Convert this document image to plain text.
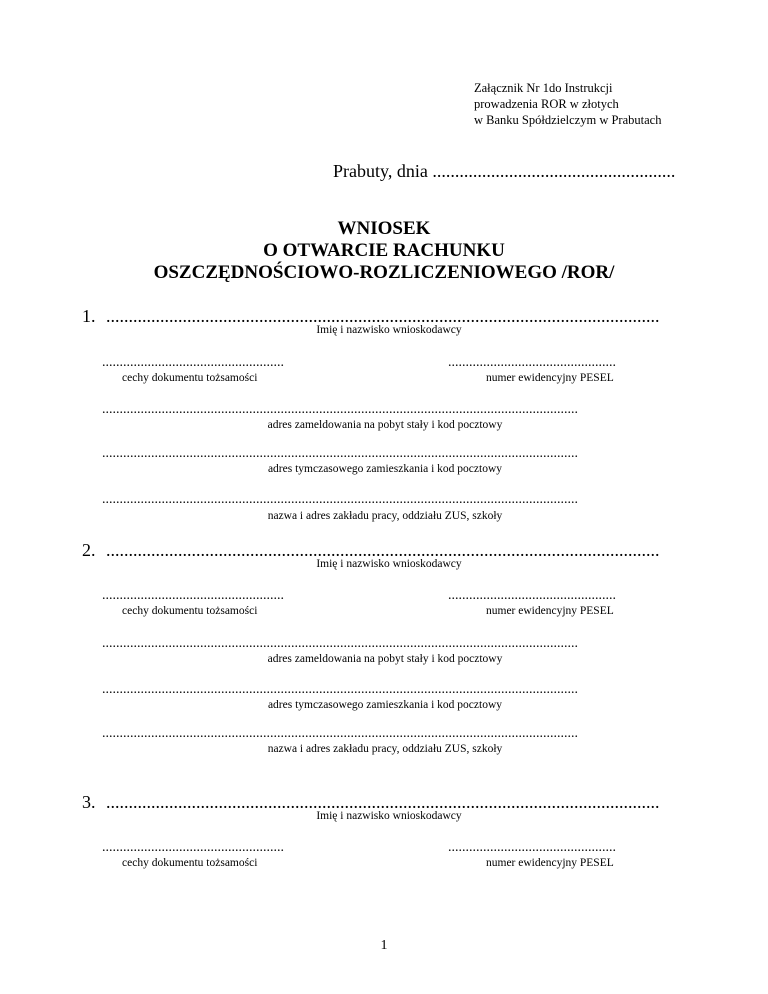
Załącznik Nr 1do Instrukcji
prowadzenia ROR w złotych
w Banku Spółdzielczym w Prabutach
Prabuty, dnia ......................................................
WNIOSEK
O OTWARCIE RACHUNKU
OSZCZĘDNOŚCIOWO-ROZLICZENIOWEGO /ROR/
1. ...........................................................................................................................
Imię i nazwisko wnioskodawcy
....................................................
cechy dokumentu tożsamości
................................................
numer ewidencyjny PESEL
........................................................................................................................................
adres zameldowania na pobyt stały i kod pocztowy
........................................................................................................................................
adres tymczasowego zamieszkania i kod pocztowy
........................................................................................................................................
nazwa i adres zakładu pracy, oddziału ZUS, szkoły
2. ...........................................................................................................................
Imię i nazwisko wnioskodawcy
....................................................
cechy dokumentu tożsamości
................................................
numer ewidencyjny PESEL
........................................................................................................................................
adres zameldowania na pobyt stały i kod pocztowy
........................................................................................................................................
adres tymczasowego zamieszkania i kod pocztowy
........................................................................................................................................
nazwa i adres zakładu pracy, oddziału ZUS, szkoły
3. ...........................................................................................................................
Imię i nazwisko wnioskodawcy
....................................................
cechy dokumentu tożsamości
................................................
numer ewidencyjny PESEL
1
